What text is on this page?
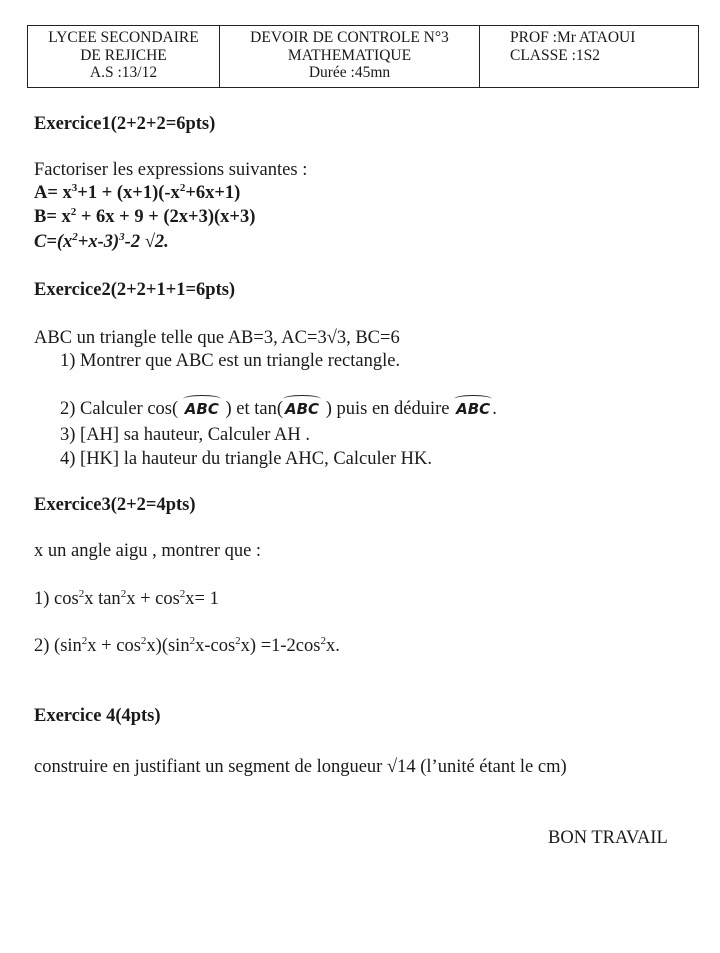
LYCEE SECONDAIRE
DE REJICHE
A.S :13/12
DEVOIR DE CONTROLE N°3
MATHEMATIQUE
Durée :45mn
PROF :Mr ATAOUI
CLASSE :1S2
Exercice1(2+2+2=6pts)
Factoriser les expressions suivantes :
$A= x^3+1 + (x+1)(-x^2+6x+1)$
$B= x^2 + 6x + 9 + (2x+3)(x+3)$
$C=(x^2+x-3)^3-2$ √2.
Exercice2(2+2+1+1=6pts)
ABC un triangle telle que AB=3, AC=3√3, BC=6
1) Montrer que ABC est un triangle rectangle.
2) Calculer cos( ABC ) et tan( ABC ) puis en déduire ABC .
3) [AH] sa hauteur, Calculer AH .
4) [HK] la hauteur du triangle AHC, Calculer HK.
Exercice3(2+2=4pts)
x un angle aigu , montrer que :
1) $\cos^2x$ $\tan^2x + \cos^2x= 1$
2) $(\sin^2x + \cos^2x)(\sin^2x-\cos^2x) =1-2\cos^2x$.
Exercice 4(4pts)
construire en justifiant un segment de longueur √14 (l’unité étant le cm)
BON TRAVAIL
